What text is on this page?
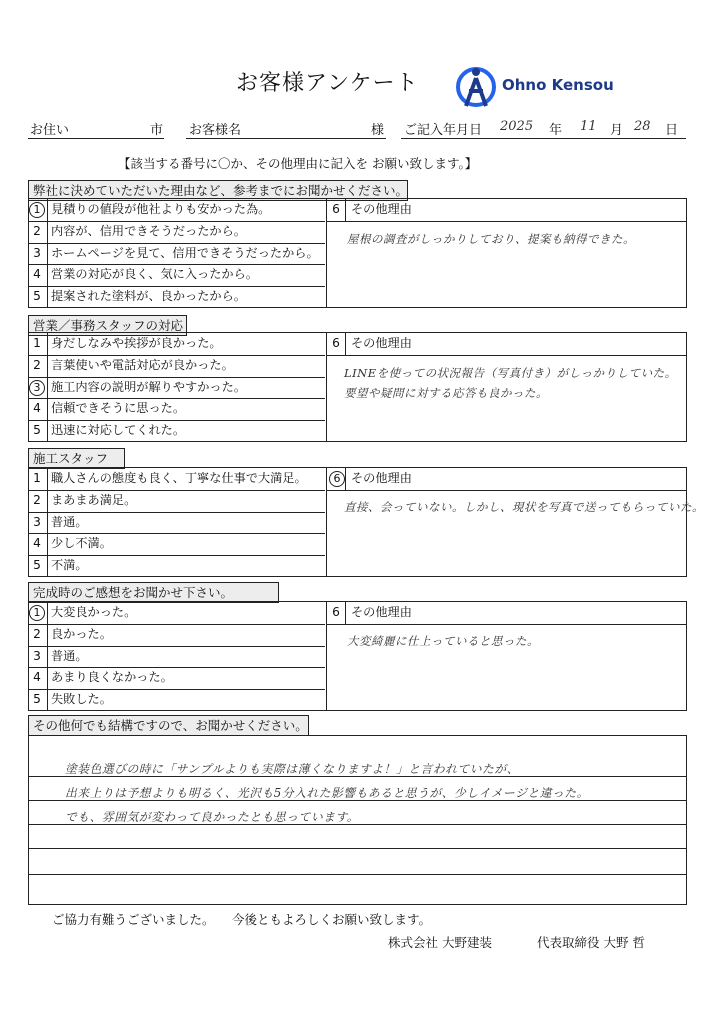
お客様アンケート	Ohno Kensou
お住い	市 お客様名	様 ご記入年月日 2025 年 11 月 28 日
【該当する番号に〇か、その他理由に記入を お願い致します。】
弊社に決めていただいた理由など、参考までにお聞かせください。
1 見積りの値段が他社よりも安かった為。
2 内容が、信用できそうだったから。
3 ホームページを見て、信用できそうだったから。
4 営業の対応が良く、気に入ったから。
5 提案された塗料が、良かったから。
6 その他理由
屋根の調査がしっかりしており、提案も納得できた。
営業／事務スタッフの対応
1 身だしなみや挨拶が良かった。
2 言葉使いや電話対応が良かった。
3 施工内容の説明が解りやすかった。
4 信頼できそうに思った。
5 迅速に対応してくれた。
6 その他理由
LINEを使っての状況報告（写真付き）がしっかりしていた。
要望や疑問に対する応答も良かった。
施工スタッフ
1 職人さんの態度も良く、丁寧な仕事で大満足。
2 まあまあ満足。
3 普通。
4 少し不満。
5 不満。
6 その他理由
直接、会っていない。しかし、現状を写真で送ってもらっていた。
完成時のご感想をお聞かせ下さい。
1 大変良かった。
2 良かった。
3 普通。
4 あまり良くなかった。
5 失敗した。
6 その他理由
大変綺麗に仕上っていると思った。
その他何でも結構ですので、お聞かせください。
塗装色選びの時に「サンプルよりも実際は薄くなりますよ！」と言われていたが、
出来上りは予想よりも明るく、光沢も5分入れた影響もあると思うが、少しイメージと違った。
でも、雰囲気が変わって良かったとも思っています。
ご協力有難うございました。 今後ともよろしくお願い致します。
株式会社 大野建装	代表取締役 大野 哲
